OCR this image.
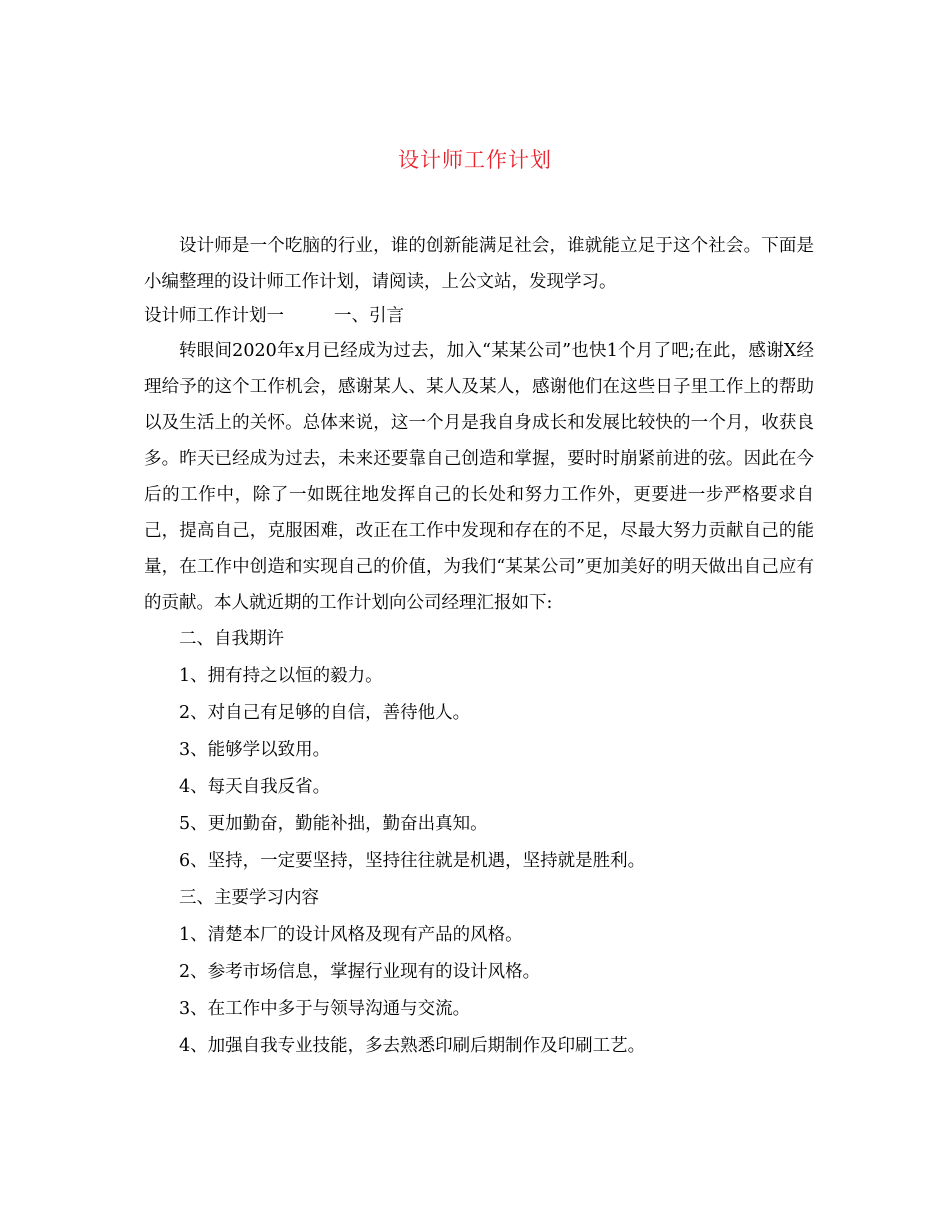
设计师工作计划

设计师是一个吃脑的行业，谁的创新能满足社会，谁就能立足于这个社会。下面是小编整理的设计师工作计划，请阅读，上公文站，发现学习。

设计师工作计划一	一、引言

转眼间2020年x月已经成为过去，加入“某某公司”也快1个月了吧;在此，感谢X经理给予的这个工作机会，感谢某人、某人及某人，感谢他们在这些日子里工作上的帮助以及生活上的关怀。总体来说，这一个月是我自身成长和发展比较快的一个月，收获良多。昨天已经成为过去，未来还要靠自己创造和掌握，要时时崩紧前进的弦。因此在今后的工作中，除了一如既往地发挥自己的长处和努力工作外，更要进一步严格要求自己，提高自己，克服困难，改正在工作中发现和存在的不足，尽最大努力贡献自己的能量，在工作中创造和实现自己的价值，为我们“某某公司”更加美好的明天做出自己应有的贡献。本人就近期的工作计划向公司经理汇报如下:

二、自我期许

1、拥有持之以恒的毅力。

2、对自己有足够的自信，善待他人。

3、能够学以致用。

4、每天自我反省。

5、更加勤奋，勤能补拙，勤奋出真知。

6、坚持，一定要坚持，坚持往往就是机遇，坚持就是胜利。

三、主要学习内容

1、清楚本厂的设计风格及现有产品的风格。

2、参考市场信息，掌握行业现有的设计风格。

3、在工作中多于与领导沟通与交流。

4、加强自我专业技能，多去熟悉印刷后期制作及印刷工艺。
